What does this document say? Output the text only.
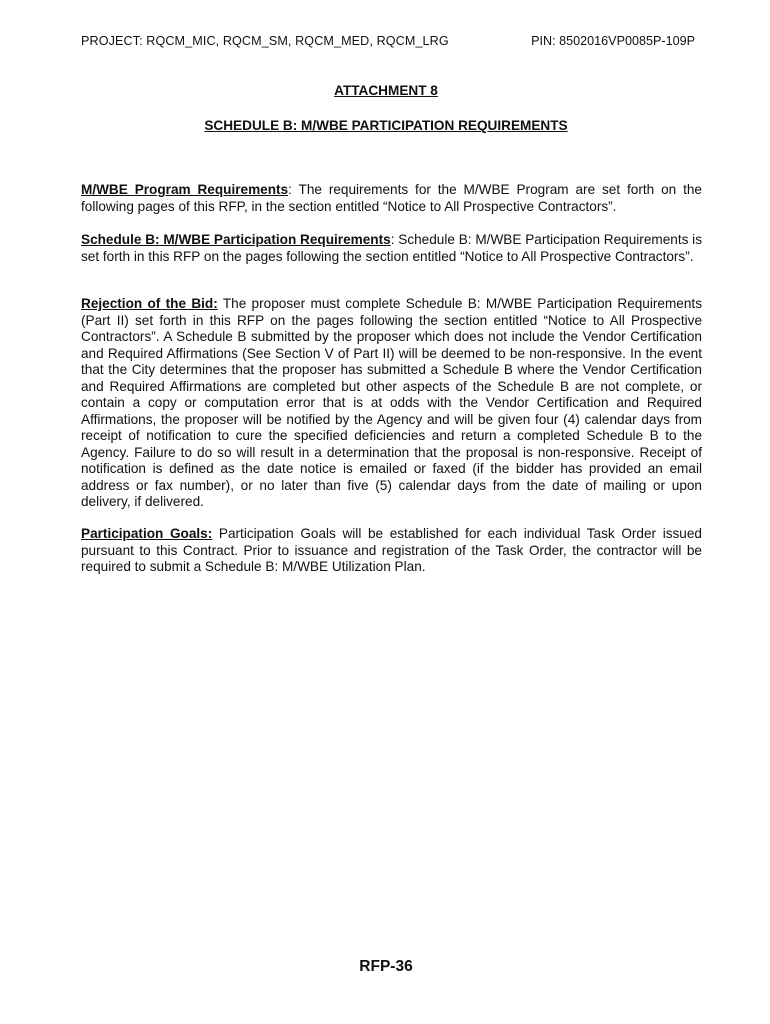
PROJECT: RQCM_MIC, RQCM_SM, RQCM_MED, RQCM_LRG	PIN: 8502016VP0085P-109P
ATTACHMENT 8
SCHEDULE B: M/WBE PARTICIPATION REQUIREMENTS

M/WBE Program Requirements: The requirements for the M/WBE Program are set forth on the following pages of this RFP, in the section entitled “Notice to All Prospective Contractors”.

Schedule B: M/WBE Participation Requirements: Schedule B: M/WBE Participation Requirements is set forth in this RFP on the pages following the section entitled “Notice to All Prospective Contractors”.

Rejection of the Bid: The proposer must complete Schedule B: M/WBE Participation Requirements (Part II) set forth in this RFP on the pages following the section entitled “Notice to All Prospective Contractors”. A Schedule B submitted by the proposer which does not include the Vendor Certification and Required Affirmations (See Section V of Part II) will be deemed to be non-responsive. In the event that the City determines that the proposer has submitted a Schedule B where the Vendor Certification and Required Affirmations are completed but other aspects of the Schedule B are not complete, or contain a copy or computation error that is at odds with the Vendor Certification and Required Affirmations, the proposer will be notified by the Agency and will be given four (4) calendar days from receipt of notification to cure the specified deficiencies and return a completed Schedule B to the Agency. Failure to do so will result in a determination that the proposal is non-responsive. Receipt of notification is defined as the date notice is emailed or faxed (if the bidder has provided an email address or fax number), or no later than five (5) calendar days from the date of mailing or upon delivery, if delivered.

Participation Goals: Participation Goals will be established for each individual Task Order issued pursuant to this Contract. Prior to issuance and registration of the Task Order, the contractor will be required to submit a Schedule B: M/WBE Utilization Plan.

RFP-36
